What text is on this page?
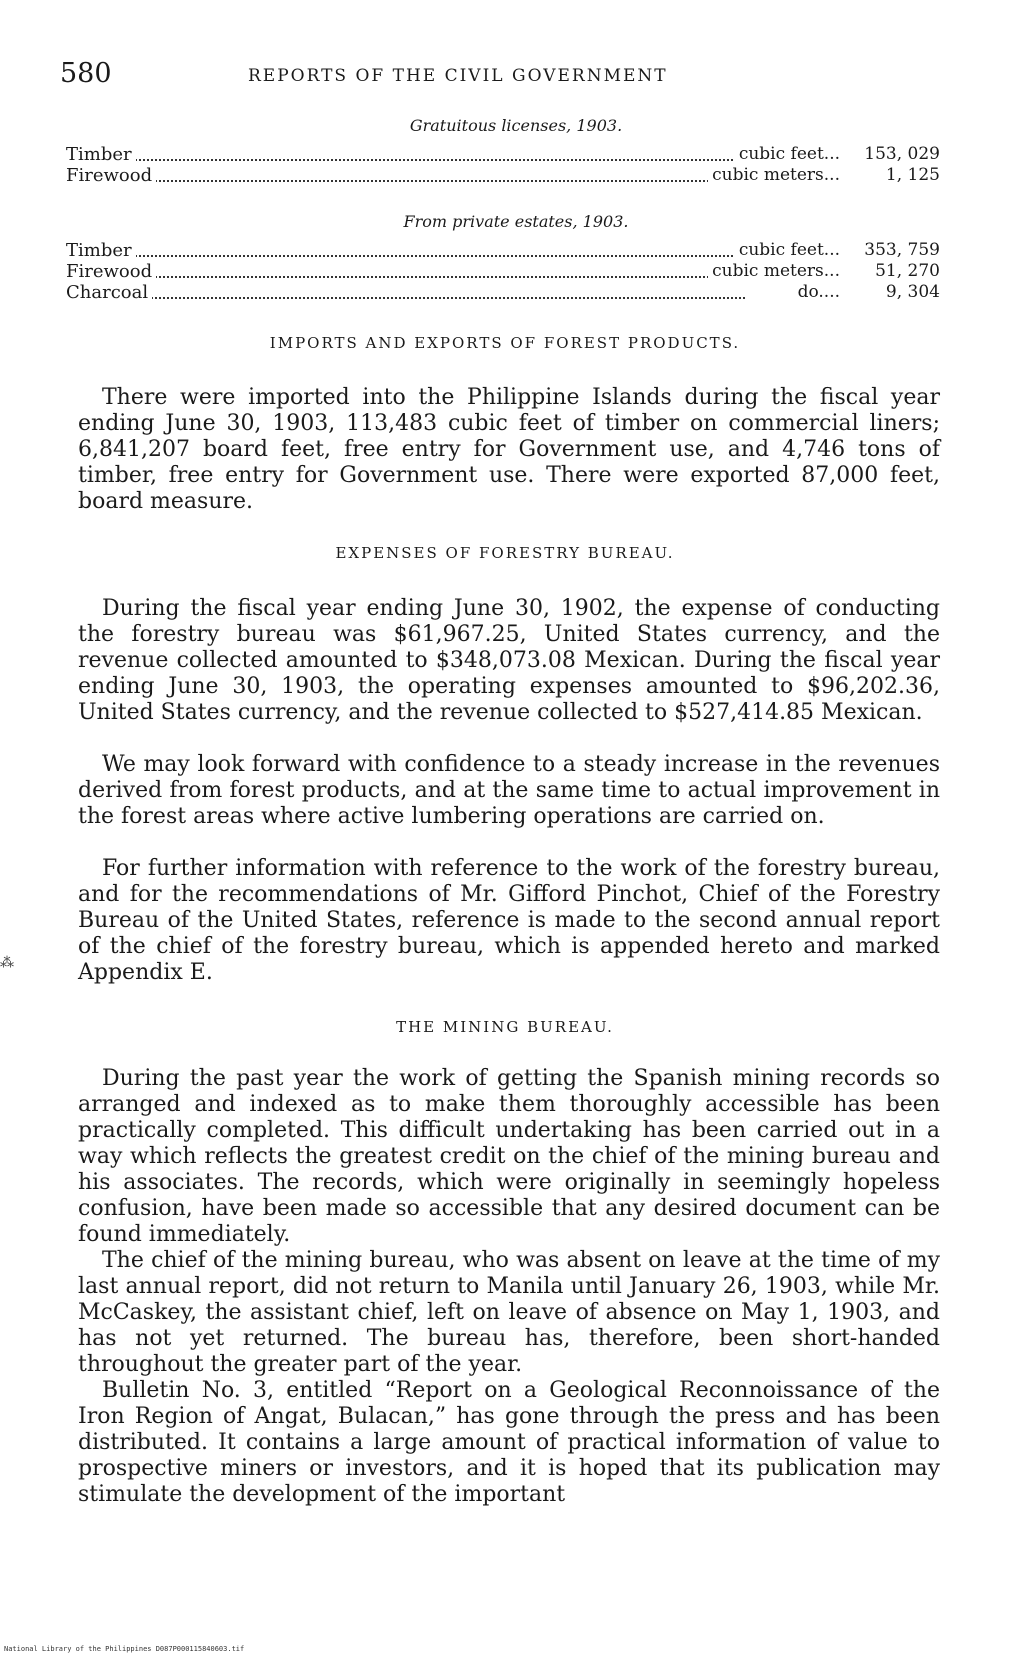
580	REPORTS OF THE CIVIL GOVERNMENT
Gratuitous licenses, 1903.
Timber	cubic feet...	153, 029
Firewood	cubic meters...	1, 125
From private estates, 1903.
Timber	cubic feet...	353, 759
Firewood	cubic meters...	51, 270
Charcoal	do....	9, 304
IMPORTS AND EXPORTS OF FOREST PRODUCTS.

There were imported into the Philippine Islands during the fiscal year ending June 30, 1903, 113,483 cubic feet of timber on commercial liners; 6,841,207 board feet, free entry for Government use, and 4,746 tons of timber, free entry for Government use. There were exported 87,000 feet, board measure.

EXPENSES OF FORESTRY BUREAU.

During the fiscal year ending June 30, 1902, the expense of conducting the forestry bureau was $61,967.25, United States currency, and the revenue collected amounted to $348,073.08 Mexican. During the fiscal year ending June 30, 1903, the operating expenses amounted to $96,202.36, United States currency, and the revenue collected to $527,414.85 Mexican.

We may look forward with confidence to a steady increase in the revenues derived from forest products, and at the same time to actual improvement in the forest areas where active lumbering operations are carried on.

For further information with reference to the work of the forestry bureau, and for the recommendations of Mr. Gifford Pinchot, Chief of the Forestry Bureau of the United States, reference is made to the second annual report of the chief of the forestry bureau, which is appended hereto and marked Appendix E.

THE MINING BUREAU.

During the past year the work of getting the Spanish mining records so arranged and indexed as to make them thoroughly accessible has been practically completed. This difficult undertaking has been carried out in a way which reflects the greatest credit on the chief of the mining bureau and his associates. The records, which were originally in seemingly hopeless confusion, have been made so accessible that any desired document can be found immediately.

The chief of the mining bureau, who was absent on leave at the time of my last annual report, did not return to Manila until January 26, 1903, while Mr. McCaskey, the assistant chief, left on leave of absence on May 1, 1903, and has not yet returned. The bureau has, therefore, been short-handed throughout the greater part of the year.

Bulletin No. 3, entitled “Report on a Geological Reconnoissance of the Iron Region of Angat, Bulacan,” has gone through the press and has been distributed. It contains a large amount of practical information of value to prospective miners or investors, and it is hoped that its publication may stimulate the development of the important

⁂
National Library of the Philippines D087P000115840603.tif
